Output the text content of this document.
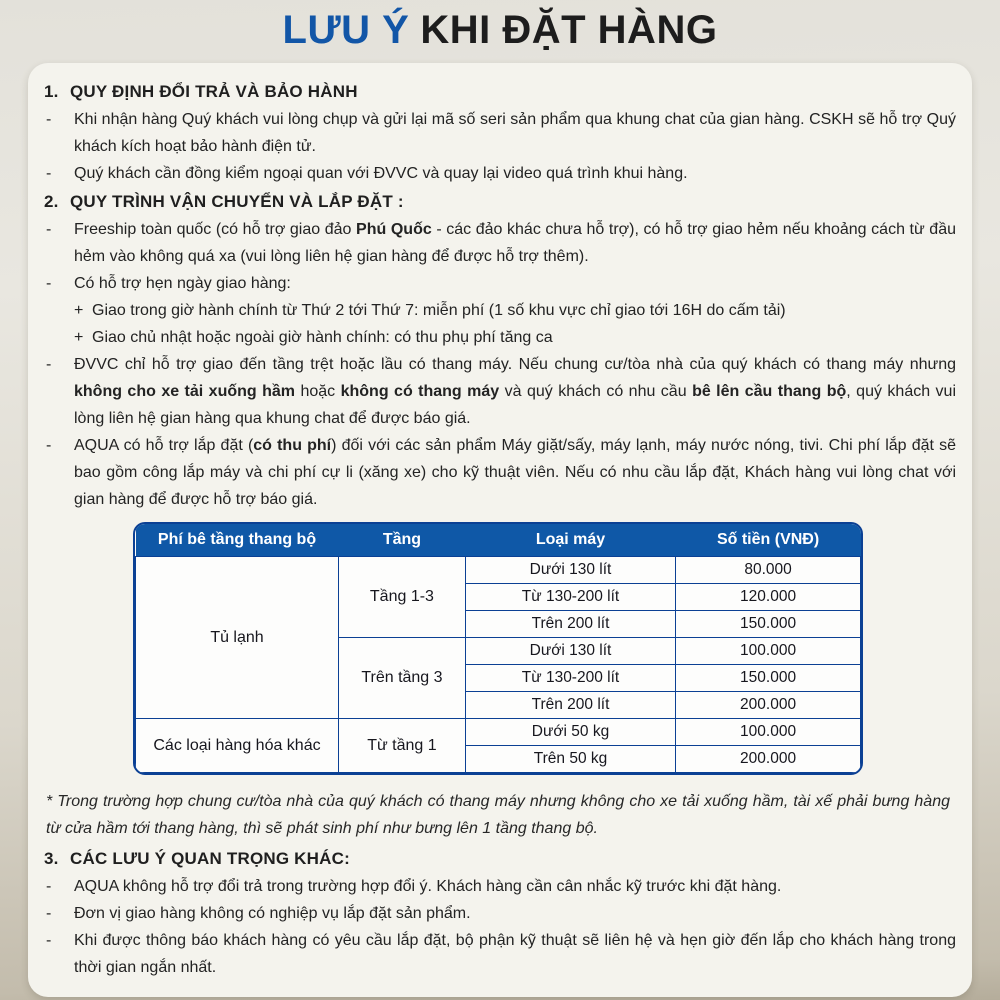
LƯU Ý KHI ĐẶT HÀNG
1. QUY ĐỊNH ĐỔI TRẢ VÀ BẢO HÀNH
-	Khi nhận hàng Quý khách vui lòng chụp và gửi lại mã số seri sản phẩm qua khung chat của gian hàng. CSKH sẽ hỗ trợ Quý khách kích hoạt bảo hành điện tử.
-	Quý khách cần đồng kiểm ngoại quan với ĐVVC và quay lại video quá trình khui hàng.
2. QUY TRÌNH VẬN CHUYỂN VÀ LẮP ĐẶT :
-	Freeship toàn quốc (có hỗ trợ giao đảo Phú Quốc - các đảo khác chưa hỗ trợ), có hỗ trợ giao hẻm nếu khoảng cách từ đầu hẻm vào không quá xa (vui lòng liên hệ gian hàng để được hỗ trợ thêm).
-	Có hỗ trợ hẹn ngày giao hàng:
+ Giao trong giờ hành chính từ Thứ 2 tới Thứ 7: miễn phí (1 số khu vực chỉ giao tới 16H do cấm tải)
+ Giao chủ nhật hoặc ngoài giờ hành chính: có thu phụ phí tăng ca
-	ĐVVC chỉ hỗ trợ giao đến tầng trệt hoặc lầu có thang máy. Nếu chung cư/tòa nhà của quý khách có thang máy nhưng không cho xe tải xuống hầm hoặc không có thang máy và quý khách có nhu cầu bê lên cầu thang bộ, quý khách vui lòng liên hệ gian hàng qua khung chat để được báo giá.
-	AQUA có hỗ trợ lắp đặt (có thu phí) đối với các sản phẩm Máy giặt/sấy, máy lạnh, máy nước nóng, tivi. Chi phí lắp đặt sẽ bao gồm công lắp máy và chi phí cự li (xăng xe) cho kỹ thuật viên. Nếu có nhu cầu lắp đặt, Khách hàng vui lòng chat với gian hàng để được hỗ trợ báo giá.
Phí bê tầng thang bộ	Tầng	Loại máy	Số tiền (VNĐ)
Tủ lạnh	Tầng 1-3	Dưới 130 lít	80.000
		Từ 130-200 lít	120.000
		Trên 200 lít	150.000
	Trên tầng 3	Dưới 130 lít	100.000
		Từ 130-200 lít	150.000
		Trên 200 lít	200.000
Các loại hàng hóa khác	Từ tầng 1	Dưới 50 kg	100.000
		Trên 50 kg	200.000
* Trong trường hợp chung cư/tòa nhà của quý khách có thang máy nhưng không cho xe tải xuống hầm, tài xế phải bưng hàng từ cửa hầm tới thang hàng, thì sẽ phát sinh phí như bưng lên 1 tầng thang bộ.
3. CÁC LƯU Ý QUAN TRỌNG KHÁC:
-	AQUA không hỗ trợ đổi trả trong trường hợp đổi ý. Khách hàng cần cân nhắc kỹ trước khi đặt hàng.
-	Đơn vị giao hàng không có nghiệp vụ lắp đặt sản phẩm.
-	Khi được thông báo khách hàng có yêu cầu lắp đặt, bộ phận kỹ thuật sẽ liên hệ và hẹn giờ đến lắp cho khách hàng trong thời gian ngắn nhất.
